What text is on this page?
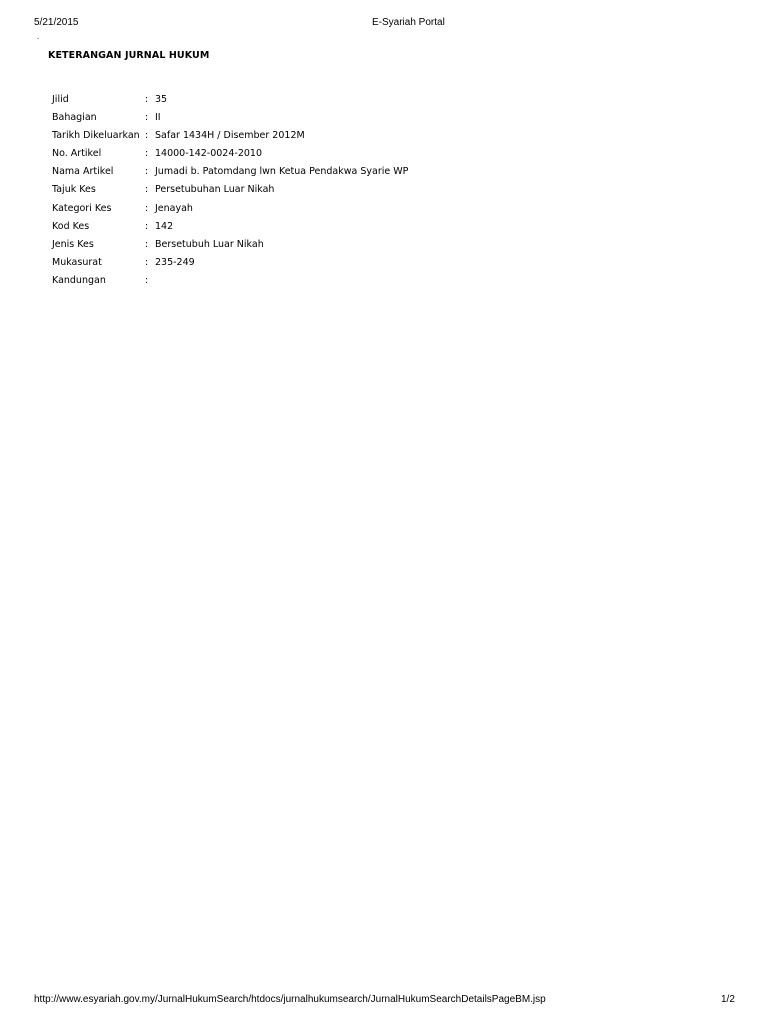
5/21/2015	E-Syariah Portal
.
KETERANGAN JURNAL HUKUM
Jilid	: 35
Bahagian	: II
Tarikh Dikeluarkan : Safar 1434H / Disember 2012M
No. Artikel	: 14000-142-0024-2010
Nama Artikel	: Jumadi b. Patomdang lwn Ketua Pendakwa Syarie WP
Tajuk Kes	: Persetubuhan Luar Nikah
Kategori Kes	: Jenayah
Kod Kes	: 142
Jenis Kes	: Bersetubuh Luar Nikah
Mukasurat	: 235-249
Kandungan	:
http://www.esyariah.gov.my/JurnalHukumSearch/htdocs/jurnalhukumsearch/JurnalHukumSearchDetailsPageBM.jsp	1/2
